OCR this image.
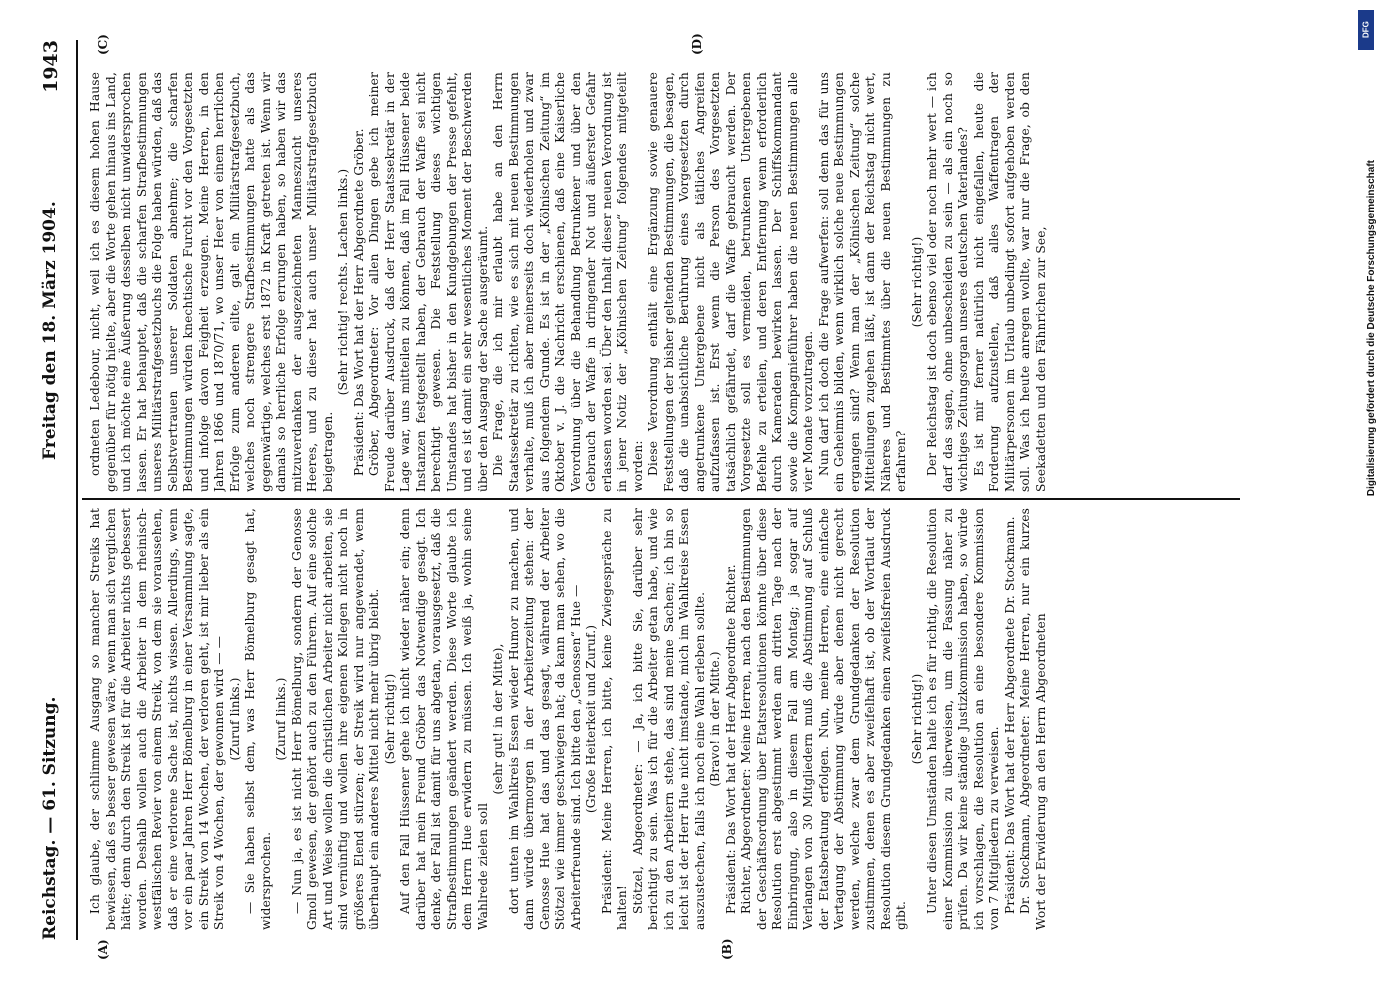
Reichstag. — 61. Sitzung.
Freitag den 18. März 1904.
1943
(A)	(B)
(C)	(D)

Ich glaube, der schlimme Ausgang so mancher Streiks hat bewiesen, daß es besser gewesen wäre, wenn man sich verglichen hätte; denn durch den Streik ist für die Arbeiter nichts gebessert worden. Deshalb wollen auch die Arbeiter in dem rheinisch-westfälischen Revier von einem Streik, von dem sie voraussehen, daß er eine verlorene Sache ist, nichts wissen. Allerdings, wenn vor ein paar Jahren Herr Bömelburg in einer Versammlung sagte, ein Streik von 14 Wochen, der verloren geht, ist mir lieber als ein Streik von 4 Wochen, der gewonnen wird — — (Zuruf links.) — Sie haben selbst dem, was Herr Bömelburg gesagt hat, widersprochen.

(Zuruf links.) — Nun ja, es ist nicht Herr Bömelburg, sondern der Genosse Gmoll gewesen, der gehört auch zu den Führern. Auf eine solche Art und Weise wollen die christlichen Arbeiter nicht arbeiten, sie sind vernünftig und wollen ihre eigenen Kollegen nicht noch in größeres Elend stürzen; der Streik wird nur angewendet, wenn überhaupt ein anderes Mittel nicht mehr übrig bleibt. (Sehr richtig!) Auf den Fall Hüssener gehe ich nicht wieder näher ein; denn darüber hat mein Freund Gröber das Notwendige gesagt. Ich denke, der Fall ist damit für uns abgetan, vorausgesetzt, daß die Strafbestimmungen geändert werden. Diese Worte glaubte ich dem Herrn Hue erwidern zu müssen. Ich weiß ja, wohin seine Wahlrede zielen soll

(sehr gut! in der Mitte), dort unten im Wahlkreis Essen wieder Humor zu machen, und dann würde übermorgen in der Arbeiterzeitung stehen: der Genosse Hue hat das und das gesagt, während der Arbeiter Stötzel wie immer geschwiegen hat; da kann man sehen, wo die Arbeiterfreunde sind. Ich bitte den „Genossen“ Hue — (Große Heiterkeit und Zuruf.) Präsident: Meine Herren, ich bitte, keine Zwiegespräche zu halten! Stötzel, Abgeordneter: — Ja, ich bitte Sie, darüber sehr berichtigt zu sein. Was ich für die Arbeiter getan habe, und wie ich zu den Arbeitern stehe, das sind meine Sachen; ich bin so leicht ist der Herr Hue nicht imstande, mich im Wahlkreise Essen auszustechen, falls ich noch eine Wahl erleben sollte. (Bravo! in der Mitte.) Präsident: Das Wort hat der Herr Abgeordnete Richter. Richter, Abgeordneter: Meine Herren, nach den Bestimmungen der Geschäftsordnung über Etatsresolutionen könnte über diese Resolution erst abgestimmt werden am dritten Tage nach der Einbringung, also in diesem Fall am Montag; ja sogar auf Verlangen von 30 Mitgliedern muß die Abstimmung auf Schluß der Etatsberatung erfolgen. Nun, meine Herren, eine einfache Vertagung der Abstimmung würde aber denen nicht gerecht werden, welche zwar dem Grundgedanken der Resolution zustimmen, denen es aber zweifelhaft ist, ob der Wortlaut der Resolution diesem Grundgedanken einen zweifelsfreien Ausdruck gibt.

(Sehr richtig!) Unter diesen Umständen halte ich es für richtig, die Resolution einer Kommission zu überweisen, um die Fassung näher zu prüfen. Da wir keine ständige Justizkommission haben, so würde ich vorschlagen, die Resolution an eine besondere Kommission von 7 Mitgliedern zu verweisen. Präsident: Das Wort hat der Herr Abgeordnete Dr. Stockmann. Dr. Stockmann, Abgeordneter: Meine Herren, nur ein kurzes Wort der Erwiderung an den Herrn Abgeordneten

ordneten Ledebour, nicht, weil ich es diesem hohen Hause gegenüber für nötig hielte, aber die Worte gehen hinaus ins Land, und ich möchte eine Äußerung desselben nicht unwidersprochen lassen. Er hat behauptet, daß die scharfen Strafbestimmungen unseres Militärstrafgesetzbuchs die Folge haben würden, daß das Selbstvertrauen unserer Soldaten abnehme; die scharfen Bestimmungen würden knechtische Furcht vor den Vorgesetzten und infolge davon Feigheit erzeugen. Meine Herren, in den Jahren 1866 und 1870/71, wo unser Heer von einem herrlichen Erfolge zum anderen eilte, galt ein Militärstrafgesetzbuch, welches noch strengere Strafbestimmungen hatte als das gegenwärtige, welches erst 1872 in Kraft getreten ist. Wenn wir damals so herrliche Erfolge errungen haben, so haben wir das mitzuverdanken der ausgezeichneten Manneszucht unseres Heeres, und zu dieser hat auch unser Militärstrafgesetzbuch beigetragen.

(Sehr richtig! rechts. Lachen links.) Präsident: Das Wort hat der Herr Abgeordnete Gröber. Gröber, Abgeordneter: Vor allen Dingen gebe ich meiner Freude darüber Ausdruck, daß der Herr Staatssekretär in der Lage war, uns mitteilen zu können, daß im Fall Hüssener beide Instanzen festgestellt haben, der Gebrauch der Waffe sei nicht berechtigt gewesen. Die Feststellung dieses wichtigen Umstandes hat bisher in den Kundgebungen der Presse gefehlt, und es ist damit ein sehr wesentliches Moment der Beschwerden über den Ausgang der Sache ausgeräumt. Die Frage, die ich mir erlaubt habe an den Herrn Staatssekretär zu richten, wie es sich mit neuen Bestimmungen verhalte, muß ich aber meinerseits doch wiederholen und zwar aus folgendem Grunde. Es ist in der „Kölnischen Zeitung“ im Oktober v. J. die Nachricht erschienen, daß eine Kaiserliche Verordnung über die Behandlung Betrunkener und über den Gebrauch der Waffe in dringender Not und äußerster Gefahr erlassen worden sei. Über den Inhalt dieser neuen Verordnung ist in jener Notiz der „Kölnischen Zeitung“ folgendes mitgeteilt worden: Diese Verordnung enthält eine Ergänzung sowie genauere Feststellungen der bisher geltenden Bestimmungen, die besagen, daß die unabsichtliche Berührung eines Vorgesetzten durch angetrunkene Untergebene nicht als tätliches Angreifen aufzufassen ist. Erst wenn die Person des Vorgesetzten tatsächlich gefährdet, darf die Waffe gebraucht werden. Der Vorgesetzte soll es vermeiden, betrunkenen Untergebenen Befehle zu erteilen, und deren Entfernung wenn erforderlich durch Kameraden bewirken lassen. Der Schiffskommandant sowie die Kompagnieführer haben die neuen Bestimmungen alle vier Monate vorzutragen. Nun darf ich doch die Frage aufwerfen: soll denn das für uns ein Geheimnis bilden, wenn wirklich solche neue Bestimmungen ergangen sind? Wenn man der „Kölnischen Zeitung“ solche Mitteilungen zugehen läßt, ist dann der Reichstag nicht wert, Näheres und Bestimmtes über die neuen Bestimmungen zu erfahren?

(Sehr richtig!) Der Reichstag ist doch ebenso viel oder noch mehr wert — ich darf das sagen, ohne unbescheiden zu sein — als ein noch so wichtiges Zeitungsorgan unseres deutschen Vaterlandes? Es ist mir ferner natürlich nicht eingefallen, heute die Forderung aufzustellen, daß alles Waffentragen der Militärpersonen im Urlaub unbedingt sofort aufgehoben werden soll. Was ich heute anregen wollte, war nur die Frage, ob den Seekadetten und den Fähnrichen zur See,

DFG
Digitalisierung gefördert durch die Deutsche Forschungsgemeinschaft
